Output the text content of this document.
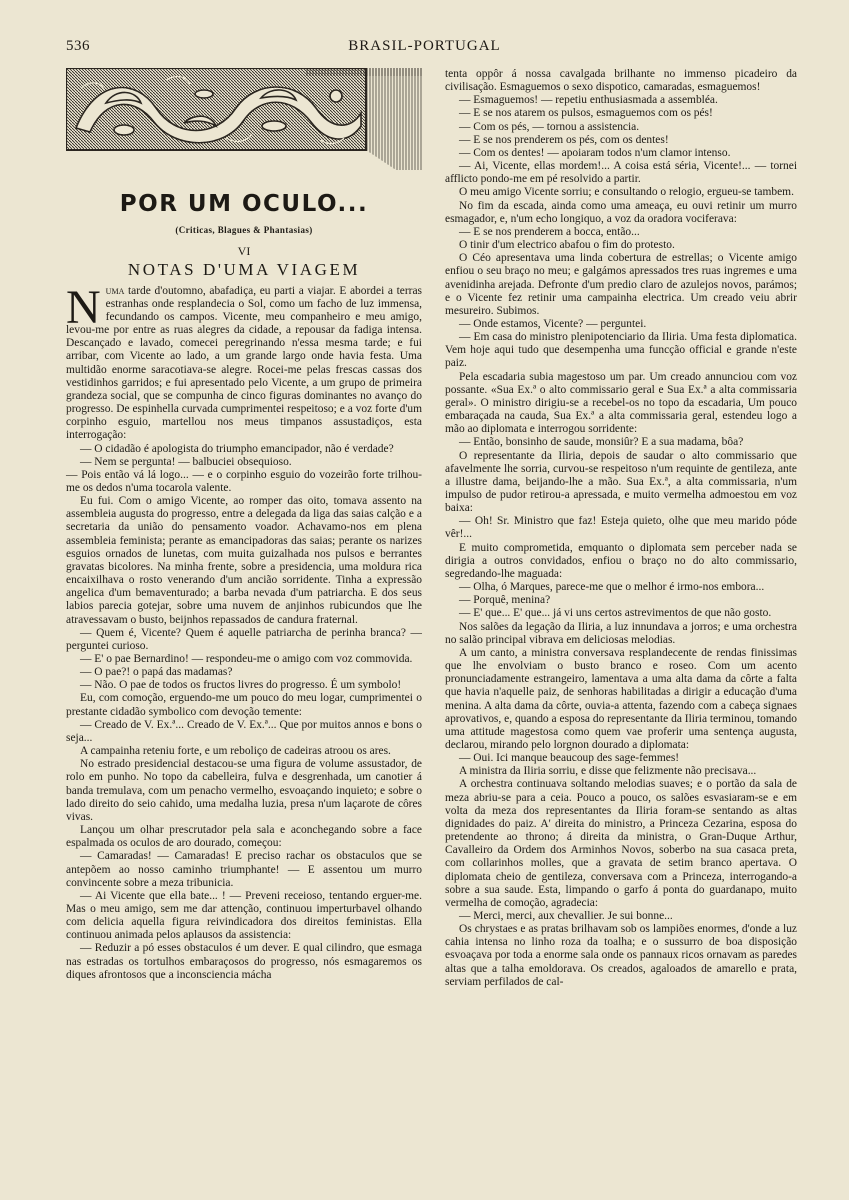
536	BRASIL-PORTUGAL
POR UM OCULO...
(Criticas, Blagues & Phantasias)
VI
NOTAS D'UMA VIAGEM

Numa tarde d'outomno, abafadiça, eu parti a viajar. E abordei a terras estranhas onde resplandecia o Sol, como um facho de luz immensa, fecundando os campos. Vicente, meu companheiro e meu amigo, levou-me por entre as ruas alegres da cidade, a repousar da fadiga intensa. Descançado e lavado, comecei peregrinando n'essa mesma tarde; e fui arribar, com Vicente ao lado, a um grande largo onde havia festa. Uma multidão enorme saracotiava-se alegre. Rocei-me pelas frescas cassas dos vestidinhos garridos; e fui apresentado pelo Vicente, a um grupo de primeira grandeza social, que se compunha de cinco figuras dominantes no avanço do progresso. De espinhella curvada cumprimentei respeitoso; e a voz forte d'um corpinho esguio, martellou nos meus timpanos assustadiços, esta interrogação:

— O cidadão é apologista do triumpho emancipador, não é verdade?

— Nem se pergunta! — balbuciei obsequioso.

— Pois então vá lá logo... — e o corpinho esguio do vozeirão forte trilhou-me os dedos n'uma tocarola valente.

Eu fui. Com o amigo Vicente, ao romper das oito, tomava assento na assembleia augusta do progresso, entre a delegada da liga das saias calção e a secretaria da união do pensamento voador. Achavamo-nos em plena assembleia feminista; perante as emancipadoras das saias; perante os narizes esguios ornados de lunetas, com muita guizalhada nos pulsos e berrantes gravatas bicolores. Na minha frente, sobre a presidencia, uma moldura rica encaixilhava o rosto venerando d'um ancião sorridente. Tinha a expressão angelica d'um bemaventurado; a barba nevada d'um patriarcha. E dos seus labios parecia gotejar, sobre uma nuvem de anjinhos rubicundos que lhe atravessavam o busto, beijnhos repassados de candura fraternal.

— Quem é, Vicente? Quem é aquelle patriarcha de perinha branca? — perguntei curioso.

— E' o pae Bernardino! — respondeu-me o amigo com voz commovida.

— O pae?! o papá das madamas?

— Não. O pae de todos os fructos livres do progresso. É um symbolo!

Eu, com comoção, erguendo-me um pouco do meu logar, cumprimentei o prestante cidadão symbolico com devoção temente:

— Creado de V. Ex.ª... Creado de V. Ex.ª... Que por muitos annos e bons o seja...

A campainha reteniu forte, e um reboliço de cadeiras atroou os ares.

No estrado presidencial destacou-se uma figura de volume assustador, de rolo em punho. No topo da cabelleira, fulva e desgrenhada, um canotier á banda tremulava, com um penacho vermelho, esvoaçando inquieto; e sobre o lado direito do seio cahido, uma medalha luzia, presa n'um laçarote de côres vivas.

Lançou um olhar prescrutador pela sala e aconchegando sobre a face espalmada os oculos de aro dourado, começou:

— Camaradas! — Camaradas! E preciso rachar os obstaculos que se antepõem ao nosso caminho triumphante! — E assentou um murro convincente sobre a meza tribunicia.

— Ai Vicente que ella bate... ! — Preveni receioso, tentando erguer-me. Mas o meu amigo, sem me dar attenção, continuou imperturbavel olhando com delicia aquella figura reivindicadora dos direitos feministas. Ella continuou animada pelos aplausos da assistencia:

— Reduzir a pó esses obstaculos é um dever. E qual cilindro, que esmaga nas estradas os tortulhos embaraçosos do progresso, nós esmagaremos os diques afrontosos que a inconsciencia mácha

tenta oppôr á nossa cavalgada brilhante no immenso picadeiro da civilisação. Esmaguemos o sexo dispotico, camaradas, esmaguemos!

— Esmaguemos! — repetiu enthusiasmada a assembléa.

— E se nos atarem os pulsos, esmaguemos com os pés!

— Com os pés, — tornou a assistencia.

— E se nos prenderem os pés, com os dentes!

— Com os dentes! — apoiaram todos n'um clamor intenso.

— Ai, Vicente, ellas mordem!... A coisa está séria, Vicente!... — tornei afflicto pondo-me em pé resolvido a partir.

O meu amigo Vicente sorriu; e consultando o relogio, ergueu-se tambem.

No fim da escada, ainda como uma ameaça, eu ouvi retinir um murro esmagador, e, n'um echo longiquo, a voz da oradora vociferava:

— E se nos prenderem a bocca, então...

O tinir d'um electrico abafou o fim do protesto.

O Céo apresentava uma linda cobertura de estrellas; o Vicente amigo enfiou o seu braço no meu; e galgámos apressados tres ruas ingremes e uma avenidinha arejada. Defronte d'um predio claro de azulejos novos, parámos; e o Vicente fez retinir uma campainha electrica. Um creado veiu abrir mesureiro. Subimos.

— Onde estamos, Vicente? — perguntei.

— Em casa do ministro plenipotenciario da Iliria. Uma festa diplomatica. Vem hoje aqui tudo que desempenha uma funcção official e grande n'este paiz.

Pela escadaria subia magestoso um par. Um creado annunciou com voz possante. «Sua Ex.ª o alto commissario geral e Sua Ex.ª a alta commissaria geral». O ministro dirigiu-se a recebel-os no topo da escadaria, Um pouco embaraçada na cauda, Sua Ex.ª a alta commissaria geral, estendeu logo a mão ao diplomata e interrogou sorridente:

— Então, bonsinho de saude, monsiûr? E a sua madama, bôa?

O representante da Iliria, depois de saudar o alto commissario que afavelmente lhe sorria, curvou-se respeitoso n'um requinte de gentileza, ante a illustre dama, beijando-lhe a mão. Sua Ex.ª, a alta commissaria, n'um impulso de pudor retirou-a apressada, e muito vermelha admoestou em voz baixa:

— Oh! Sr. Ministro que faz! Esteja quieto, olhe que meu marido póde vêr!...

E muito comprometida, emquanto o diplomata sem perceber nada se dirigia a outros convidados, enfiou o braço no do alto commissario, segredando-lhe maguada:

— Olha, ó Marques, parece-me que o melhor é irmo-nos embora...

— Porquê, menina?

— E' que... E' que... já vi uns certos astrevimentos de que não gosto.

Nos salões da legação da Iliria, a luz innundava a jorros; e uma orchestra no salão principal vibrava em deliciosas melodias.

A um canto, a ministra conversava resplandecente de rendas finissimas que lhe envolviam o busto branco e roseo. Com um acento pronunciadamente estrangeiro, lamentava a uma alta dama da côrte a falta que havia n'aquelle paiz, de senhoras habilitadas a dirigir a educação d'uma menina. A alta dama da côrte, ouvia-a attenta, fazendo com a cabeça signaes aprovativos, e, quando a esposa do representante da Iliria terminou, tomando uma attitude magestosa como quem vae proferir uma sentença augusta, declarou, mirando pelo lorgnon dourado a diplomata:

— Oui. Ici manque beaucoup des sage-femmes!

A ministra da Iliria sorriu, e disse que felizmente não precisava...

A orchestra continuava soltando melodias suaves; e o portão da sala de meza abriu-se para a ceia. Pouco a pouco, os salões esvasiaram-se e em volta da meza dos representantes da Iliria foram-se sentando as altas dignidades do paiz. A' direita do ministro, a Princeza Cezarina, esposa do pretendente ao throno; á direita da ministra, o Gran-Duque Arthur, Cavalleiro da Ordem dos Arminhos Novos, soberbo na sua casaca preta, com collarinhos molles, que a gravata de setim branco apertava. O diplomata cheio de gentileza, conversava com a Princeza, interrogando-a sobre a sua saude. Esta, limpando o garfo á ponta do guardanapo, muito vermelha de comoção, agradecia:

— Merci, merci, aux chevallier. Je sui bonne...

Os chrystaes e as pratas brilhavam sob os lampiões enormes, d'onde a luz cahia intensa no linho roza da toalha; e o sussurro de boa disposição esvoaçava por toda a enorme sala onde os pannaux ricos ornavam as paredes altas que a talha emoldorava. Os creados, agaloados de amarello e prata, serviam perfilados de cal-
